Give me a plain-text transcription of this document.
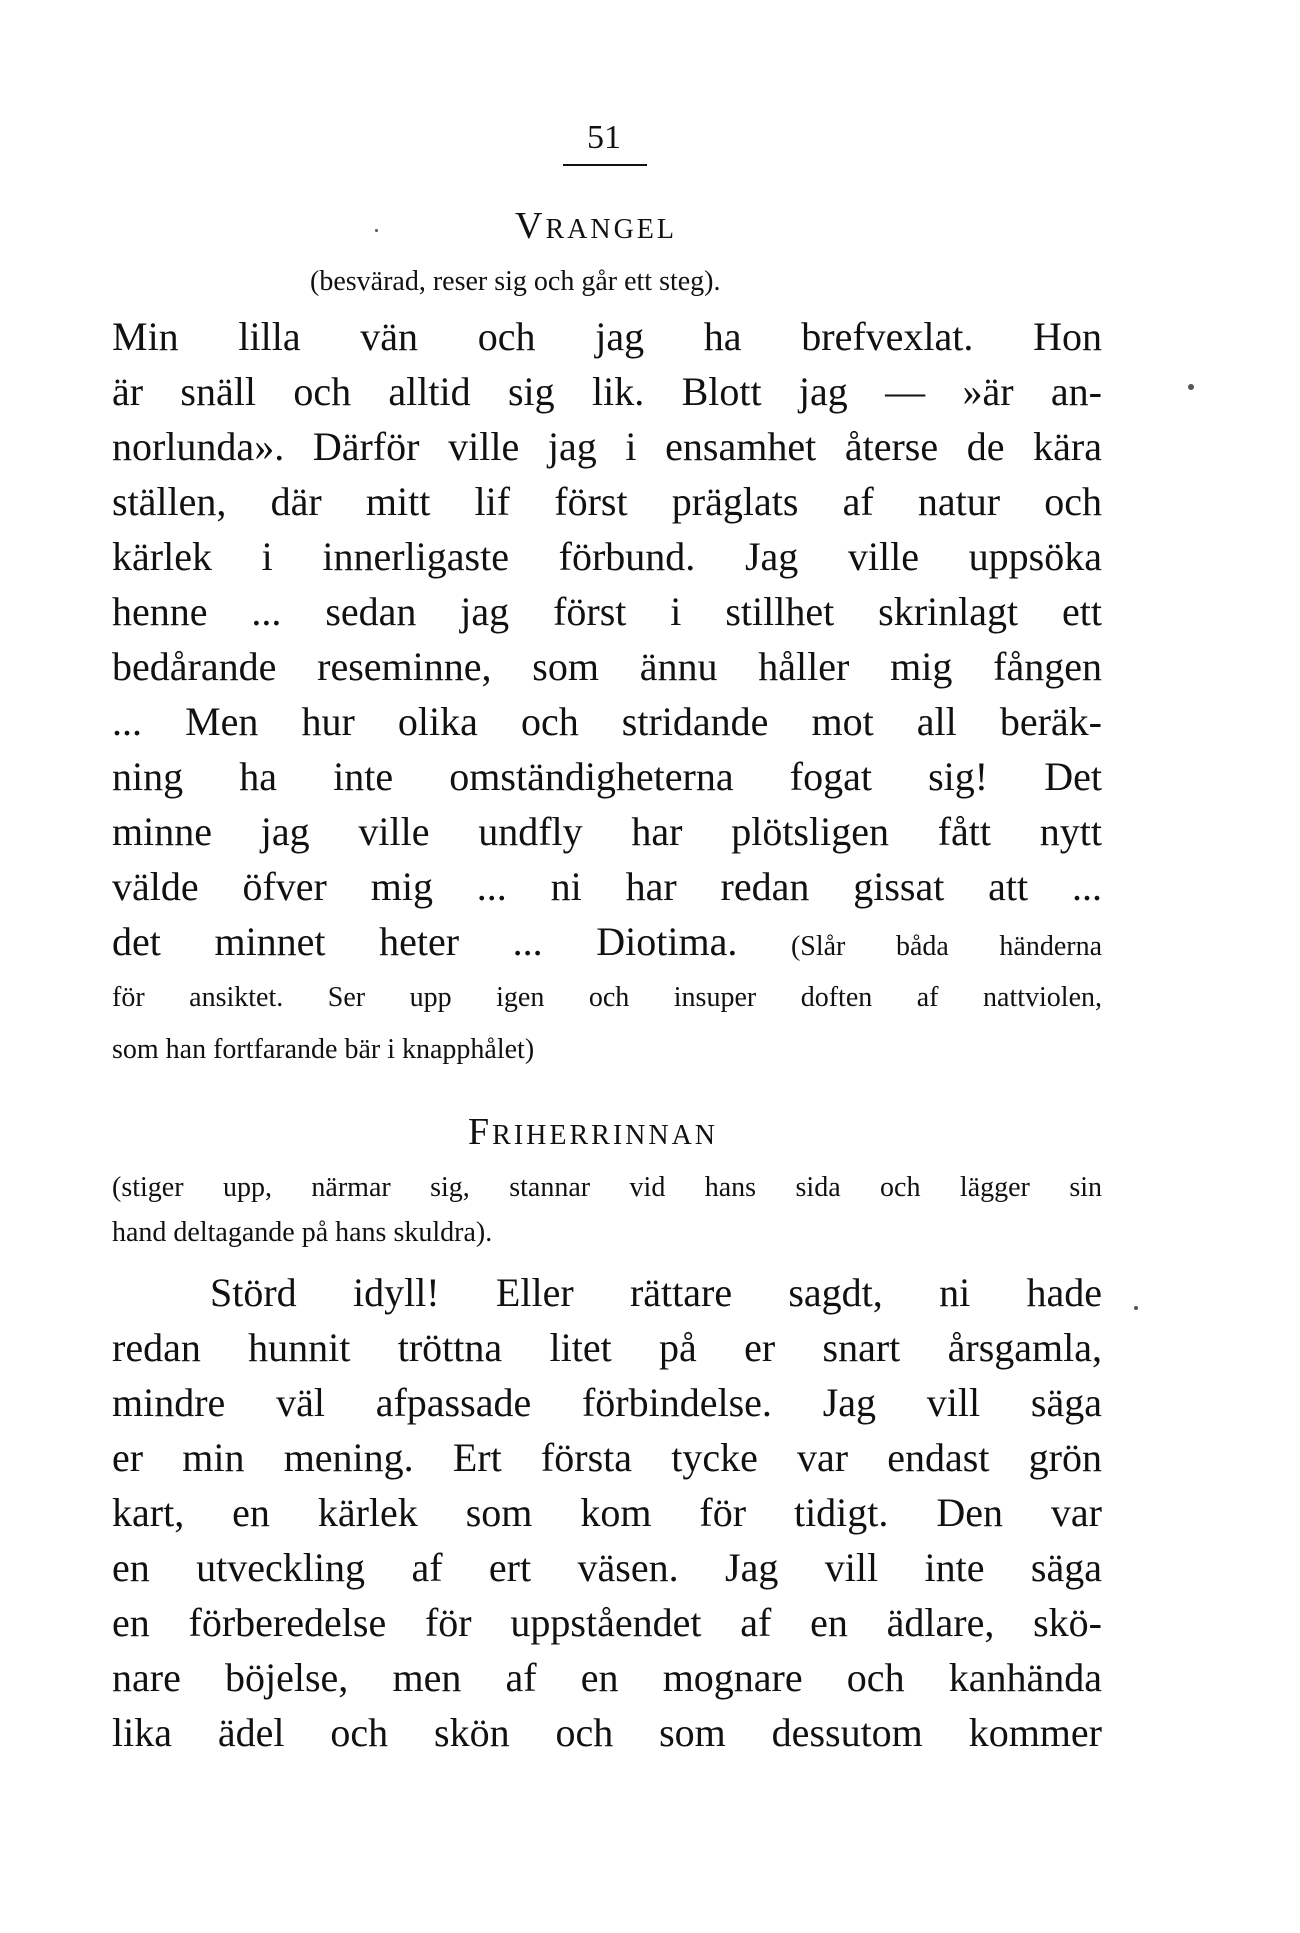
51
VRANGEL
(besvärad, reser sig och går ett steg).
Min lilla vän och jag ha brefvexlat. Hon
är snäll och alltid sig lik. Blott jag — »är an-
norlunda». Därför ville jag i ensamhet återse de kära
ställen, där mitt lif först präglats af natur och
kärlek i innerligaste förbund. Jag ville uppsöka
henne ... sedan jag först i stillhet skrinlagt ett
bedårande reseminne, som ännu håller mig fången
... Men hur olika och stridande mot all beräk-
ning ha inte omständigheterna fogat sig! Det
minne jag ville undfly har plötsligen fått nytt
välde öfver mig ... ni har redan gissat att ...
det minnet heter ... Diotima. (Slår båda händerna
för ansiktet. Ser upp igen och insuper doften af nattviolen,
som han fortfarande bär i knapphålet)
FRIHERRINNAN
(stiger upp, närmar sig, stannar vid hans sida och lägger sin
hand deltagande på hans skuldra).
Störd idyll! Eller rättare sagdt, ni hade
redan hunnit tröttna litet på er snart årsgamla,
mindre väl afpassade förbindelse. Jag vill säga
er min mening. Ert första tycke var endast grön
kart, en kärlek som kom för tidigt. Den var
en utveckling af ert väsen. Jag vill inte säga
en förberedelse för uppståendet af en ädlare, skö-
nare böjelse, men af en mognare och kanhända
lika ädel och skön och som dessutom kommer
